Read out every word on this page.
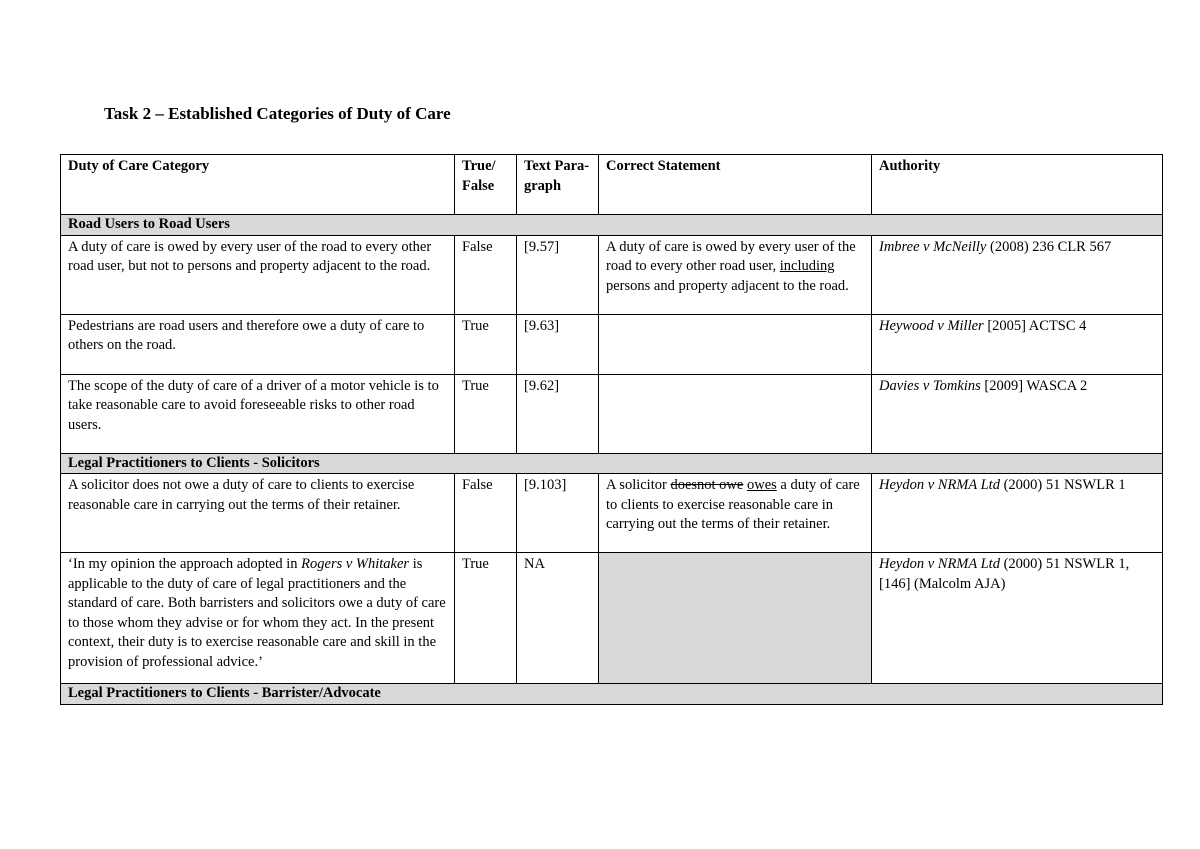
Task 2 – Established Categories of Duty of Care
Duty of Care Category	True/ False	Text Para-graph	Correct Statement	Authority
Road Users to Road Users				
A duty of care is owed by every user of the road to every other road user, but not to persons and property adjacent to the road.	False	[9.57]	A duty of care is owed by every user of the road to every other road user, including persons and property adjacent to the road.	Imbree v McNeilly (2008) 236 CLR 567
Pedestrians are road users and therefore owe a duty of care to others on the road.	True	[9.63]		Heywood v Miller [2005] ACTSC 4
The scope of the duty of care of a driver of a motor vehicle is to take reasonable care to avoid foreseeable risks to other road users.	True	[9.62]		Davies v Tomkins [2009] WASCA 2
Legal Practitioners to Clients - Solicitors				
A solicitor does not owe a duty of care to clients to exercise reasonable care in carrying out the terms of their retainer.	False	[9.103]	A solicitor doesnot owe owes a duty of care to clients to exercise reasonable care in carrying out the terms of their retainer.	Heydon v NRMA Ltd (2000) 51 NSWLR 1
‘In my opinion the approach adopted in Rogers v Whitaker is applicable to the duty of care of legal practitioners and the standard of care. Both barristers and solicitors owe a duty of care to those whom they advise or for whom they act. In the present context, their duty is to exercise reasonable care and skill in the provision of professional advice.’	True	NA		Heydon v NRMA Ltd (2000) 51 NSWLR 1, [146] (Malcolm AJA)
Legal Practitioners to Clients - Barrister/Advocate				
